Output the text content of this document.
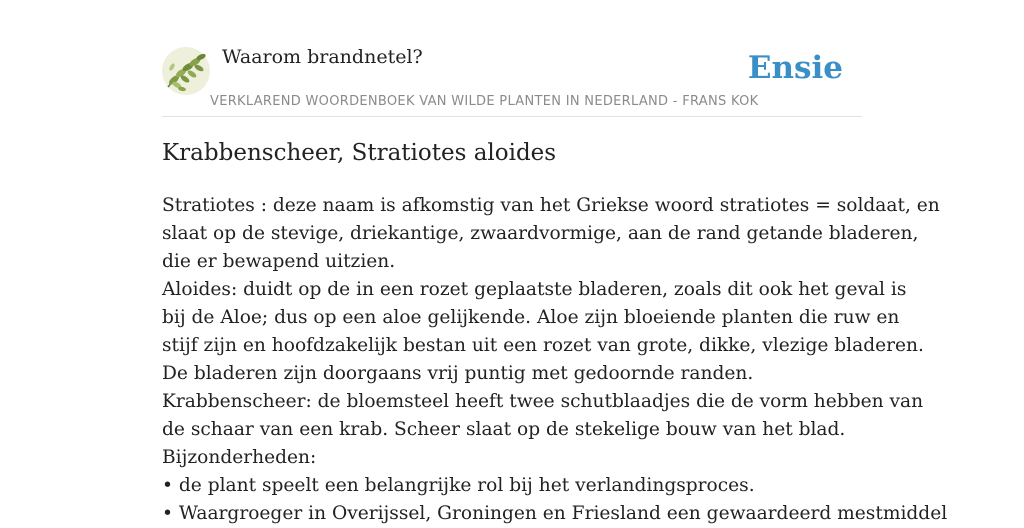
Waarom brandnetel?
VERKLAREND WOORDENBOEK VAN WILDE PLANTEN IN NEDERLAND - FRANS KOK
Ensie
Krabbenscheer, Stratiotes aloides

Stratiotes : deze naam is afkomstig van het Griekse woord stratiotes = soldaat, en

slaat op de stevige, driekantige, zwaardvormige, aan de rand getande bladeren,

die er bewapend uitzien.

Aloides: duidt op de in een rozet geplaatste bladeren, zoals dit ook het geval is

bij de Aloe; dus op een aloe gelijkende. Aloe zijn bloeiende planten die ruw en

stijf zijn en hoofdzakelijk bestan uit een rozet van grote, dikke, vlezige bladeren.

De bladeren zijn doorgaans vrij puntig met gedoornde randen.

Krabbenscheer: de bloemsteel heeft twee schutblaadjes die de vorm hebben van

de schaar van een krab. Scheer slaat op de stekelige bouw van het blad.

Bijzonderheden:

• de plant speelt een belangrijke rol bij het verlandingsproces.

• Waargroeger in Overijssel, Groningen en Friesland een gewaardeerd mestmiddel
